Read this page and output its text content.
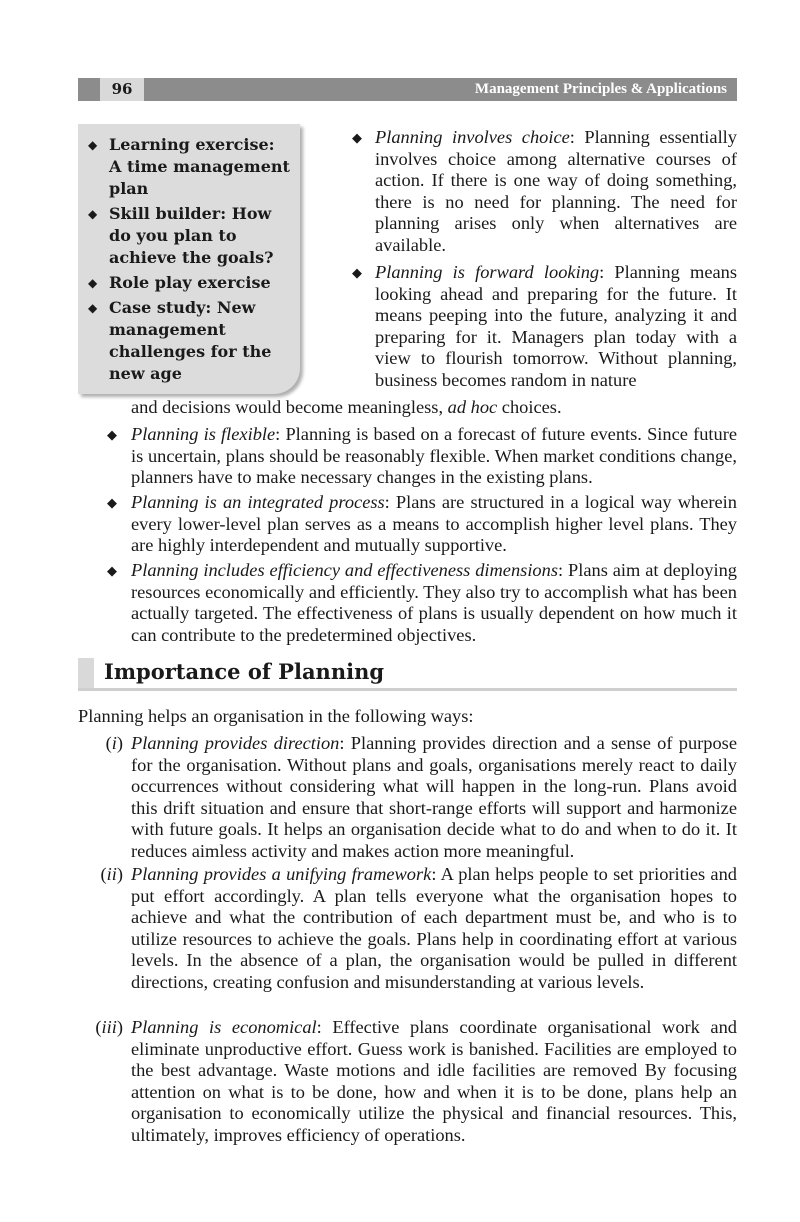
96	Management Principles & Applications
◆ Learning exercise: A time management plan
◆ Skill builder: How do you plan to achieve the goals?
◆ Role play exercise
◆ Case study: New management challenges for the new age
◆ Planning involves choice: Planning essentially involves choice among alternative courses of action. If there is one way of doing something, there is no need for planning. The need for planning arises only when alternatives are available.
◆ Planning is forward looking: Planning means looking ahead and preparing for the future. It means peeping into the future, analyzing it and preparing for it. Managers plan today with a view to flourish tomorrow. Without planning, business becomes random in nature
and decisions would become meaningless, ad hoc choices.
◆ Planning is flexible: Planning is based on a forecast of future events. Since future is uncertain, plans should be reasonably flexible. When market conditions change, planners have to make necessary changes in the existing plans.
◆ Planning is an integrated process: Plans are structured in a logical way wherein every lower-level plan serves as a means to accomplish higher level plans. They are highly interdependent and mutually supportive.
◆ Planning includes efficiency and effectiveness dimensions: Plans aim at deploying resources economically and efficiently. They also try to accomplish what has been actually targeted. The effectiveness of plans is usually dependent on how much it can contribute to the predetermined objectives.
Importance of Planning
Planning helps an organisation in the following ways:
(i) Planning provides direction: Planning provides direction and a sense of purpose for the organisation. Without plans and goals, organisations merely react to daily occurrences without considering what will happen in the long-run. Plans avoid this drift situation and ensure that short-range efforts will support and harmonize with future goals. It helps an organisation decide what to do and when to do it. It reduces aimless activity and makes action more meaningful.
(ii) Planning provides a unifying framework: A plan helps people to set priorities and put effort accordingly. A plan tells everyone what the organisation hopes to achieve and what the contribution of each department must be, and who is to utilize resources to achieve the goals. Plans help in coordinating effort at various levels. In the absence of a plan, the organisation would be pulled in different directions, creating confusion and misunderstanding at various levels.
(iii) Planning is economical: Effective plans coordinate organisational work and eliminate unproductive effort. Guess work is banished. Facilities are employed to the best advantage. Waste motions and idle facilities are removed By focusing attention on what is to be done, how and when it is to be done, plans help an organisation to economically utilize the physical and financial resources. This, ultimately, improves efficiency of operations.
